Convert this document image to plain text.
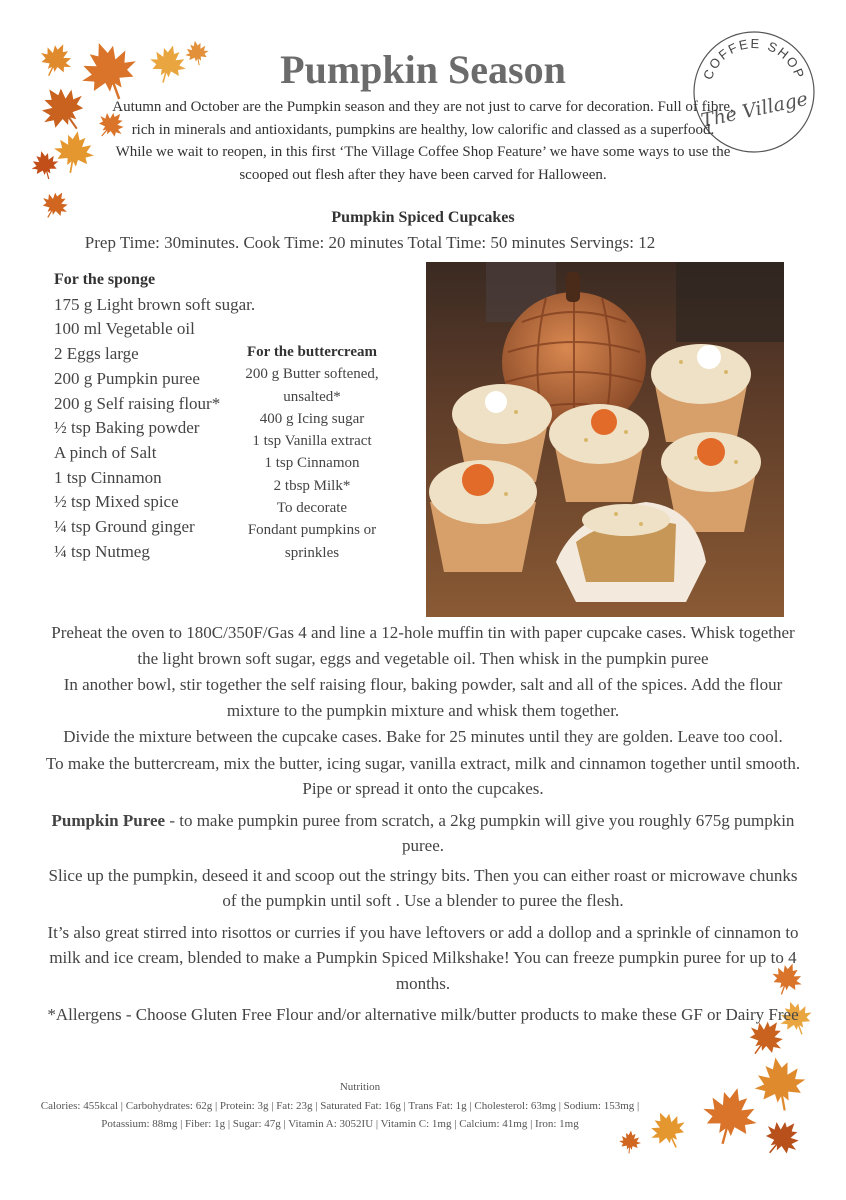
COFFEE SHOP
The Village
Pumpkin Season

Autumn and October are the Pumpkin season and they are not just to carve for decoration. Full of fibre, rich in minerals and antioxidants, pumpkins are healthy, low calorific and classed as a superfood.

While we wait to reopen, in this first ‘The Village Coffee Shop Feature’ we have some ways to use the scooped out flesh after they have been carved for Halloween.

Pumpkin Spiced Cupcakes
Prep Time: 30minutes. Cook Time: 20 minutes Total Time: 50 minutes Servings: 12
For the sponge
175 g Light brown soft sugar.
100 ml Vegetable oil
2 Eggs large
200 g Pumpkin puree
200 g Self raising flour*
½ tsp Baking powder
A pinch of Salt
1 tsp Cinnamon
½ tsp Mixed spice
¼ tsp Ground ginger
¼ tsp Nutmeg
For the buttercream
200 g Butter softened, unsalted*
400 g Icing sugar
1 tsp Vanilla extract
1 tsp Cinnamon
2 tbsp Milk*
To decorate
Fondant pumpkins or sprinkles

Preheat the oven to 180C/350F/Gas 4 and line a 12-hole muffin tin with paper cupcake cases. Whisk together the light brown soft sugar, eggs and vegetable oil. Then whisk in the pumpkin puree

In another bowl, stir together the self raising flour, baking powder, salt and all of the spices. Add the flour mixture to the pumpkin mixture and whisk them together.

Divide the mixture between the cupcake cases. Bake for 25 minutes until they are golden. Leave too cool.

To make the buttercream, mix the butter, icing sugar, vanilla extract, milk and cinnamon together until smooth. Pipe or spread it onto the cupcakes.

Pumpkin Puree - to make pumpkin puree from scratch, a 2kg pumpkin will give you roughly 675g pumpkin puree.

Slice up the pumpkin, deseed it and scoop out the stringy bits. Then you can either roast or microwave chunks of the pumpkin until soft . Use a blender to puree the flesh.

It’s also great stirred into risottos or curries if you have leftovers or add a dollop and a sprinkle of cinnamon to milk and ice cream, blended to make a Pumpkin Spiced Milkshake! You can freeze pumpkin puree for up to 4 months.

*Allergens - Choose Gluten Free Flour and/or alternative milk/butter products to make these GF or Dairy Free

Nutrition
Calories: 455kcal | Carbohydrates: 62g | Protein: 3g | Fat: 23g | Saturated Fat: 16g | Trans Fat: 1g | Cholesterol: 63mg | Sodium: 153mg | Potassium: 88mg | Fiber: 1g | Sugar: 47g | Vitamin A: 3052IU | Vitamin C: 1mg | Calcium: 41mg | Iron: 1mg
